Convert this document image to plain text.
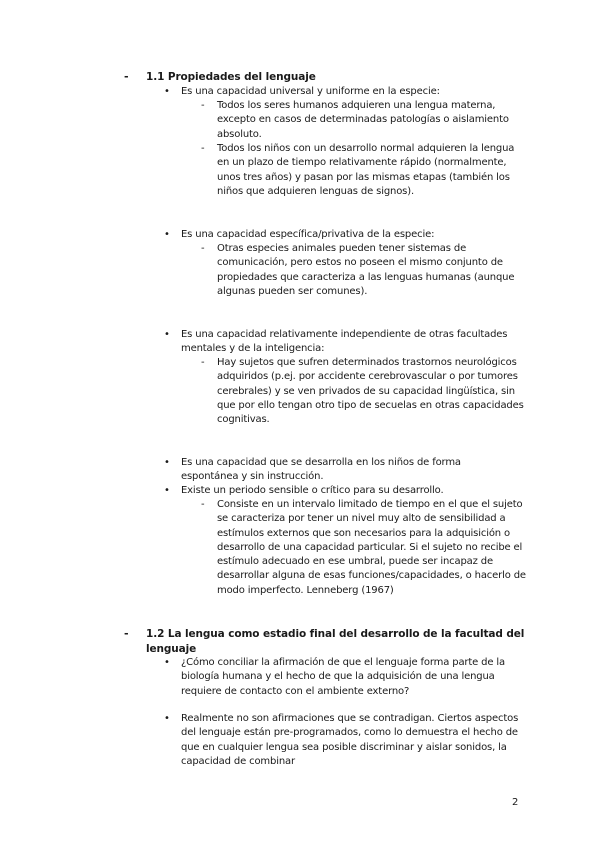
- 1.1 Propiedades del lenguaje
• Es una capacidad universal y uniforme en la especie:
- Todos los seres humanos adquieren una lengua materna, excepto en casos de determinadas patologías o aislamiento absoluto.
- Todos los niños con un desarrollo normal adquieren la lengua en un plazo de tiempo relativamente rápido (normalmente, unos tres años) y pasan por las mismas etapas (también los niños que adquieren lenguas de signos).
• Es una capacidad específica/privativa de la especie:
- Otras especies animales pueden tener sistemas de comunicación, pero estos no poseen el mismo conjunto de propiedades que caracteriza a las lenguas humanas (aunque algunas pueden ser comunes).
• Es una capacidad relativamente independiente de otras facultades mentales y de la inteligencia:
- Hay sujetos que sufren determinados trastornos neurológicos adquiridos (p.ej. por accidente cerebrovascular o por tumores cerebrales) y se ven privados de su capacidad lingüística, sin que por ello tengan otro tipo de secuelas en otras capacidades cognitivas.
• Es una capacidad que se desarrolla en los niños de forma espontánea y sin instrucción.
• Existe un periodo sensible o crítico para su desarrollo.
- Consiste en un intervalo limitado de tiempo en el que el sujeto se caracteriza por tener un nivel muy alto de sensibilidad a estímulos externos que son necesarios para la adquisición o desarrollo de una capacidad particular. Si el sujeto no recibe el estímulo adecuado en ese umbral, puede ser incapaz de desarrollar alguna de esas funciones/capacidades, o hacerlo de modo imperfecto. Lenneberg (1967)
- 1.2 La lengua como estadio final del desarrollo de la facultad del lenguaje
• ¿Cómo conciliar la afirmación de que el lenguaje forma parte de la biología humana y el hecho de que la adquisición de una lengua requiere de contacto con el ambiente externo?
• Realmente no son afirmaciones que se contradigan. Ciertos aspectos del lenguaje están pre-programados, como lo demuestra el hecho de que en cualquier lengua sea posible discriminar y aislar sonidos, la capacidad de combinar
2
